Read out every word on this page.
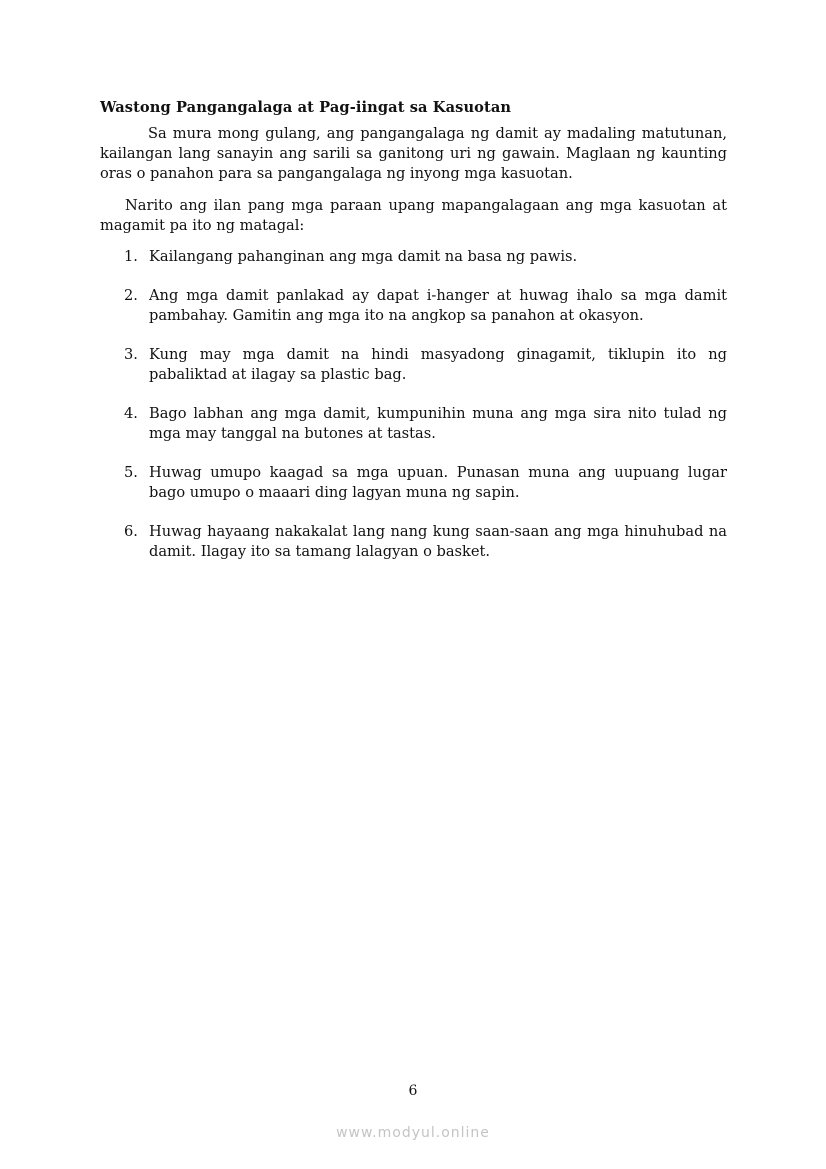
Wastong Pangangalaga at Pag-iingat sa Kasuotan

Sa mura mong gulang, ang pangangalaga ng damit ay madaling matutunan, kailangan lang sanayin ang sarili sa ganitong uri ng gawain. Maglaan ng kaunting oras o panahon para sa pangangalaga ng inyong mga kasuotan.

Narito ang ilan pang mga paraan upang mapangalagaan ang mga kasuotan at magamit pa ito ng matagal:

1. Kailangang pahanginan ang mga damit na basa ng pawis.
2. Ang mga damit panlakad ay dapat i-hanger at huwag ihalo sa mga damit pambahay. Gamitin ang mga ito na angkop sa panahon at okasyon.
3. Kung may mga damit na hindi masyadong ginagamit, tiklupin ito ng pabaliktad at ilagay sa plastic bag.
4. Bago labhan ang mga damit, kumpunihin muna ang mga sira nito tulad ng mga may tanggal na butones at tastas.
5. Huwag umupo kaagad sa mga upuan. Punasan muna ang uupuang lugar bago umupo o maaari ding lagyan muna ng sapin.
6. Huwag hayaang nakakalat lang nang kung saan-saan ang mga hinuhubad na damit. Ilagay ito sa tamang lalagyan o basket.
6
www.modyul.online
